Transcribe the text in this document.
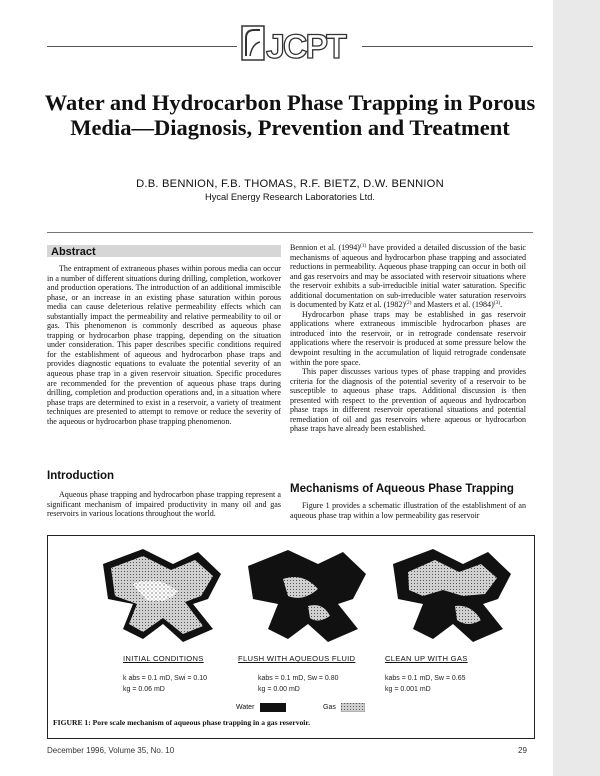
JCPT
Water and Hydrocarbon Phase Trapping in Porous Media—Diagnosis, Prevention and Treatment
D.B. BENNION, F.B. THOMAS, R.F. BIETZ, D.W. BENNION
Hycal Energy Research Laboratories Ltd.
Abstract

The entrapment of extraneous phases within porous media can occur in a number of different situations during drilling, completion, workover and production operations. The introduction of an additional immiscible phase, or an increase in an existing phase saturation within porous media can cause deleterious relative permeability effects which can substantially impact the permeability and relative permeability to oil or gas. This phenomenon is commonly described as aqueous phase trapping or hydrocarbon phase trapping, depending on the situation under consideration. This paper describes specific conditions required for the establishment of aqueous and hydrocarbon phase traps and provides diagnostic equations to evaluate the potential severity of an aqueous phase trap in a given reservoir situation. Specific procedures are recommended for the prevention of aqueous phase traps during drilling, completion and production operations and, in a situation where phase traps are determined to exist in a reservoir, a variety of treatment techniques are presented to attempt to remove or reduce the severity of the aqueous or hydrocarbon phase trapping phenomenon.

Introduction

Aqueous phase trapping and hydrocarbon phase trapping represent a significant mechanism of impaired productivity in many oil and gas reservoirs in various locations throughout the world.

Bennion et al. $(1994)^{(1)}$ have provided a detailed discussion of the basic mechanisms of aqueous and hydrocarbon phase trapping and associated reductions in permeability. Aqueous phase trapping can occur in both oil and gas reservoirs and may be associated with reservoir situations where the reservoir exhibits a sub-irreducible initial water saturation. Specific additional documentation on sub-irreducible water saturation reservoirs is documented by Katz et al. $(1982)^{(2)}$ and Masters et al. $(1984)^{(3)}$.

Hydrocarbon phase traps may be established in gas reservoir applications where extraneous immiscible hydrocarbon phases are introduced into the reservoir, or in retrograde condensate reservoir applications where the reservoir is produced at some pressure below the dewpoint resulting in the accumulation of liquid retrograde condensate within the pore space.

This paper discusses various types of phase trapping and provides criteria for the diagnosis of the potential severity of a reservoir to be susceptible to aqueous phase traps. Additional discussion is then presented with respect to the prevention of aqueous and hydrocarbon phase traps in different reservoir operational situations and potential remediation of oil and gas reservoirs where aqueous or hydrocarbon phase traps have already been established.

Mechanisms of Aqueous Phase Trapping

Figure 1 provides a schematic illustration of the establishment of an aqueous phase trap within a low permeability gas reservoir

INITIAL CONDITIONS	FLUSH WITH AQUEOUS FLUID	CLEAN UP WITH GAS
k abs = 0.1 mD, Swi = 0.10
kg = 0.06 mD
kabs = 0.1 mD, Sw = 0.80
kg = 0.00 mD
kabs = 0.1 mD, Sw = 0.65
kg = 0.001 mD
Water	Gas
FIGURE 1: Pore scale mechanism of aqueous phase trapping in a gas reservoir.
December 1996, Volume 35, No. 10	29
